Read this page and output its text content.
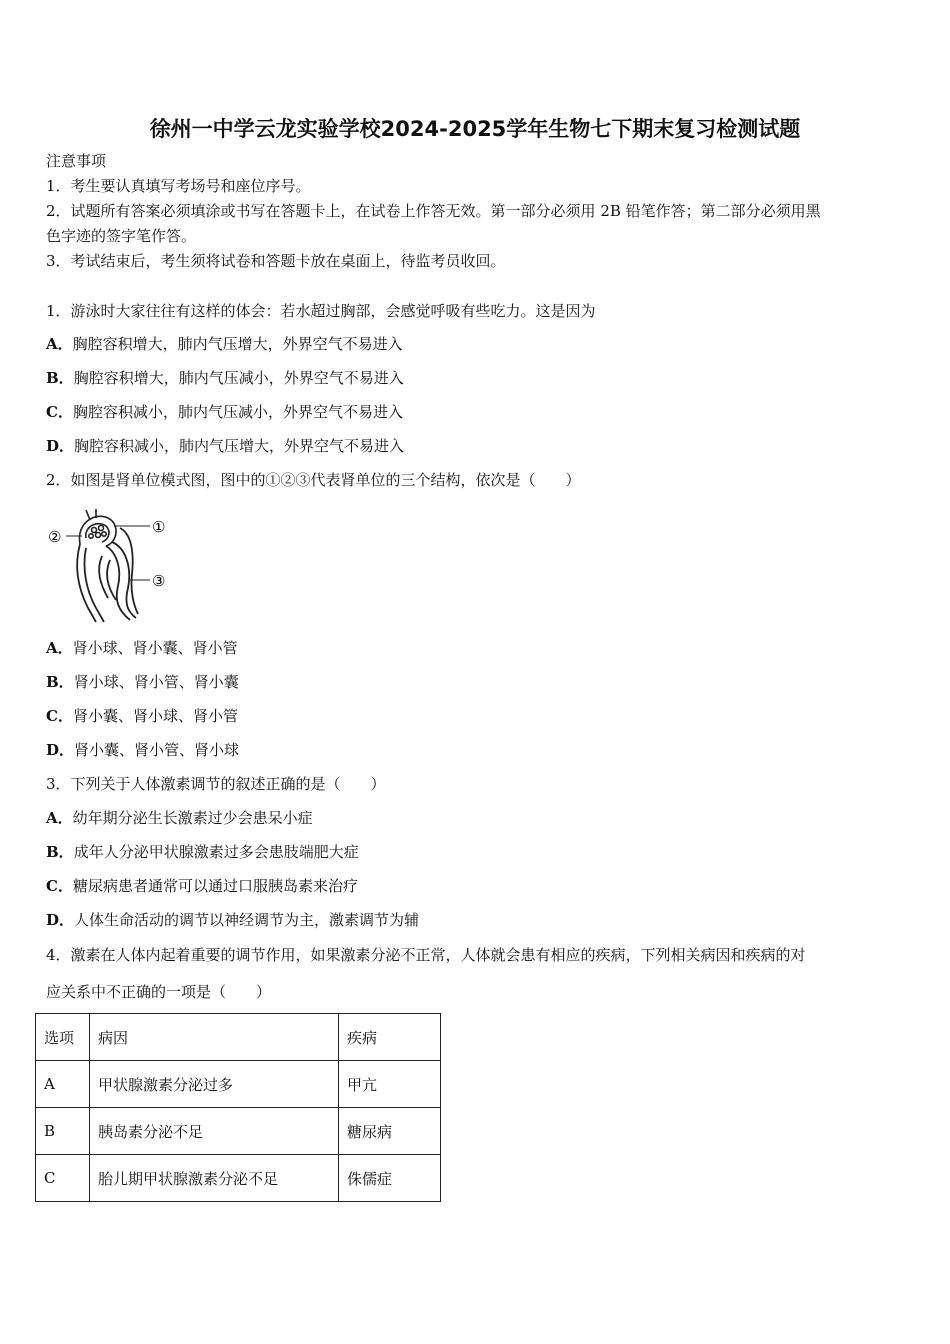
徐州一中学云龙实验学校2024-2025学年生物七下期末复习检测试题
注意事项
1．考生要认真填写考场号和座位序号。
2．试题所有答案必须填涂或书写在答题卡上，在试卷上作答无效。第一部分必须用 2B 铅笔作答；第二部分必须用黑
色字迹的签字笔作答。
3．考试结束后，考生须将试卷和答题卡放在桌面上，待监考员收回。
1．游泳时大家往往有这样的体会：若水超过胸部，会感觉呼吸有些吃力。这是因为
A．胸腔容积增大，肺内气压增大，外界空气不易进入
B．胸腔容积增大，肺内气压减小，外界空气不易进入
C．胸腔容积减小，肺内气压减小，外界空气不易进入
D．胸腔容积减小，肺内气压增大，外界空气不易进入
2．如图是肾单位模式图，图中的①②③代表肾单位的三个结构，依次是（　　）
①
②
③
A．肾小球、肾小囊、肾小管
B．肾小球、肾小管、肾小囊
C．肾小囊、肾小球、肾小管
D．肾小囊、肾小管、肾小球
3．下列关于人体激素调节的叙述正确的是（　　）
A．幼年期分泌生长激素过少会患呆小症
B．成年人分泌甲状腺激素过多会患肢端肥大症
C．糖尿病患者通常可以通过口服胰岛素来治疗
D．人体生命活动的调节以神经调节为主，激素调节为辅
4．激素在人体内起着重要的调节作用，如果激素分泌不正常，人体就会患有相应的疾病，下列相关病因和疾病的对
应关系中不正确的一项是（　　）
选项	病因	疾病
A	甲状腺激素分泌过多	甲亢
B	胰岛素分泌不足	糖尿病
C	胎儿期甲状腺激素分泌不足	侏儒症
